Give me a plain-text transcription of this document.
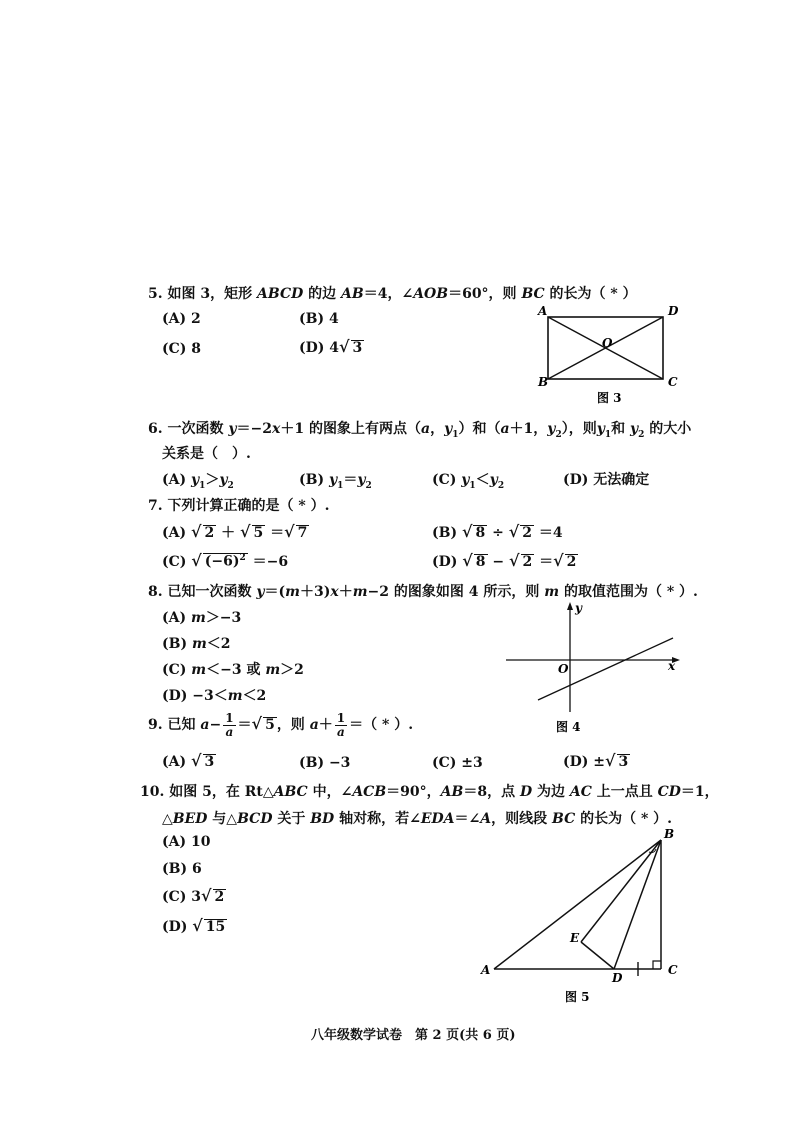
5. 如图 3，矩形 ABCD 的边 AB＝4，∠AOB＝60°，则 BC 的长为（ * ）
(A) 2	(B) 4
(C) 8	(D) 4√ 3
A	D
O
B	C
图 3
6. 一次函数 y＝−2x＋1 的图象上有两点（a，$y_1$）和（a＋1，$y_2$），则$y_1$和 $y_2$ 的大小
关系是（　）.
(A) $y_1>y_2$	(B) $y_1=y_2$	(C) $y_1<y_2$	(D) 无法确定
7. 下列计算正确的是（ * ）.
(A) √ 2 ＋ √ 5 ＝√ 7	(B) √ 8 ÷ √ 2 ＝4
(C) √ $(-6)^2 =-6$	(D) √ 8 − √ 2 ＝√ 2
8. 已知一次函数 y＝(m＋3)x＋m−2 的图象如图 4 所示，则 m 的取值范围为（ * ）.
(A) m＞−3
(B) m＜2
(C) m＜−3 或 m＞2
(D) −3＜m＜2
y
O	x
图 4
9. 已知 $a- \frac{1}{a}$ ＝√ 5 ，则 $a+ \frac{1}{a}$ ＝（ * ）.
(A) √ 3	(B) −3	(C) ±3	(D) ±√ 3
10. 如图 5，在 Rt△ABC 中，∠ACB＝90°，AB＝8，点 D 为边 AC 上一点且 CD＝1，
△BED 与△BCD 关于 BD 轴对称，若∠EDA＝∠A，则线段 BC 的长为（ * ）.
(A) 10
(B) 6
(C) 3√ 2
(D) √ 15
B
E
A
D
C
图 5
八年级数学试卷　第 2 页(共 6 页)
